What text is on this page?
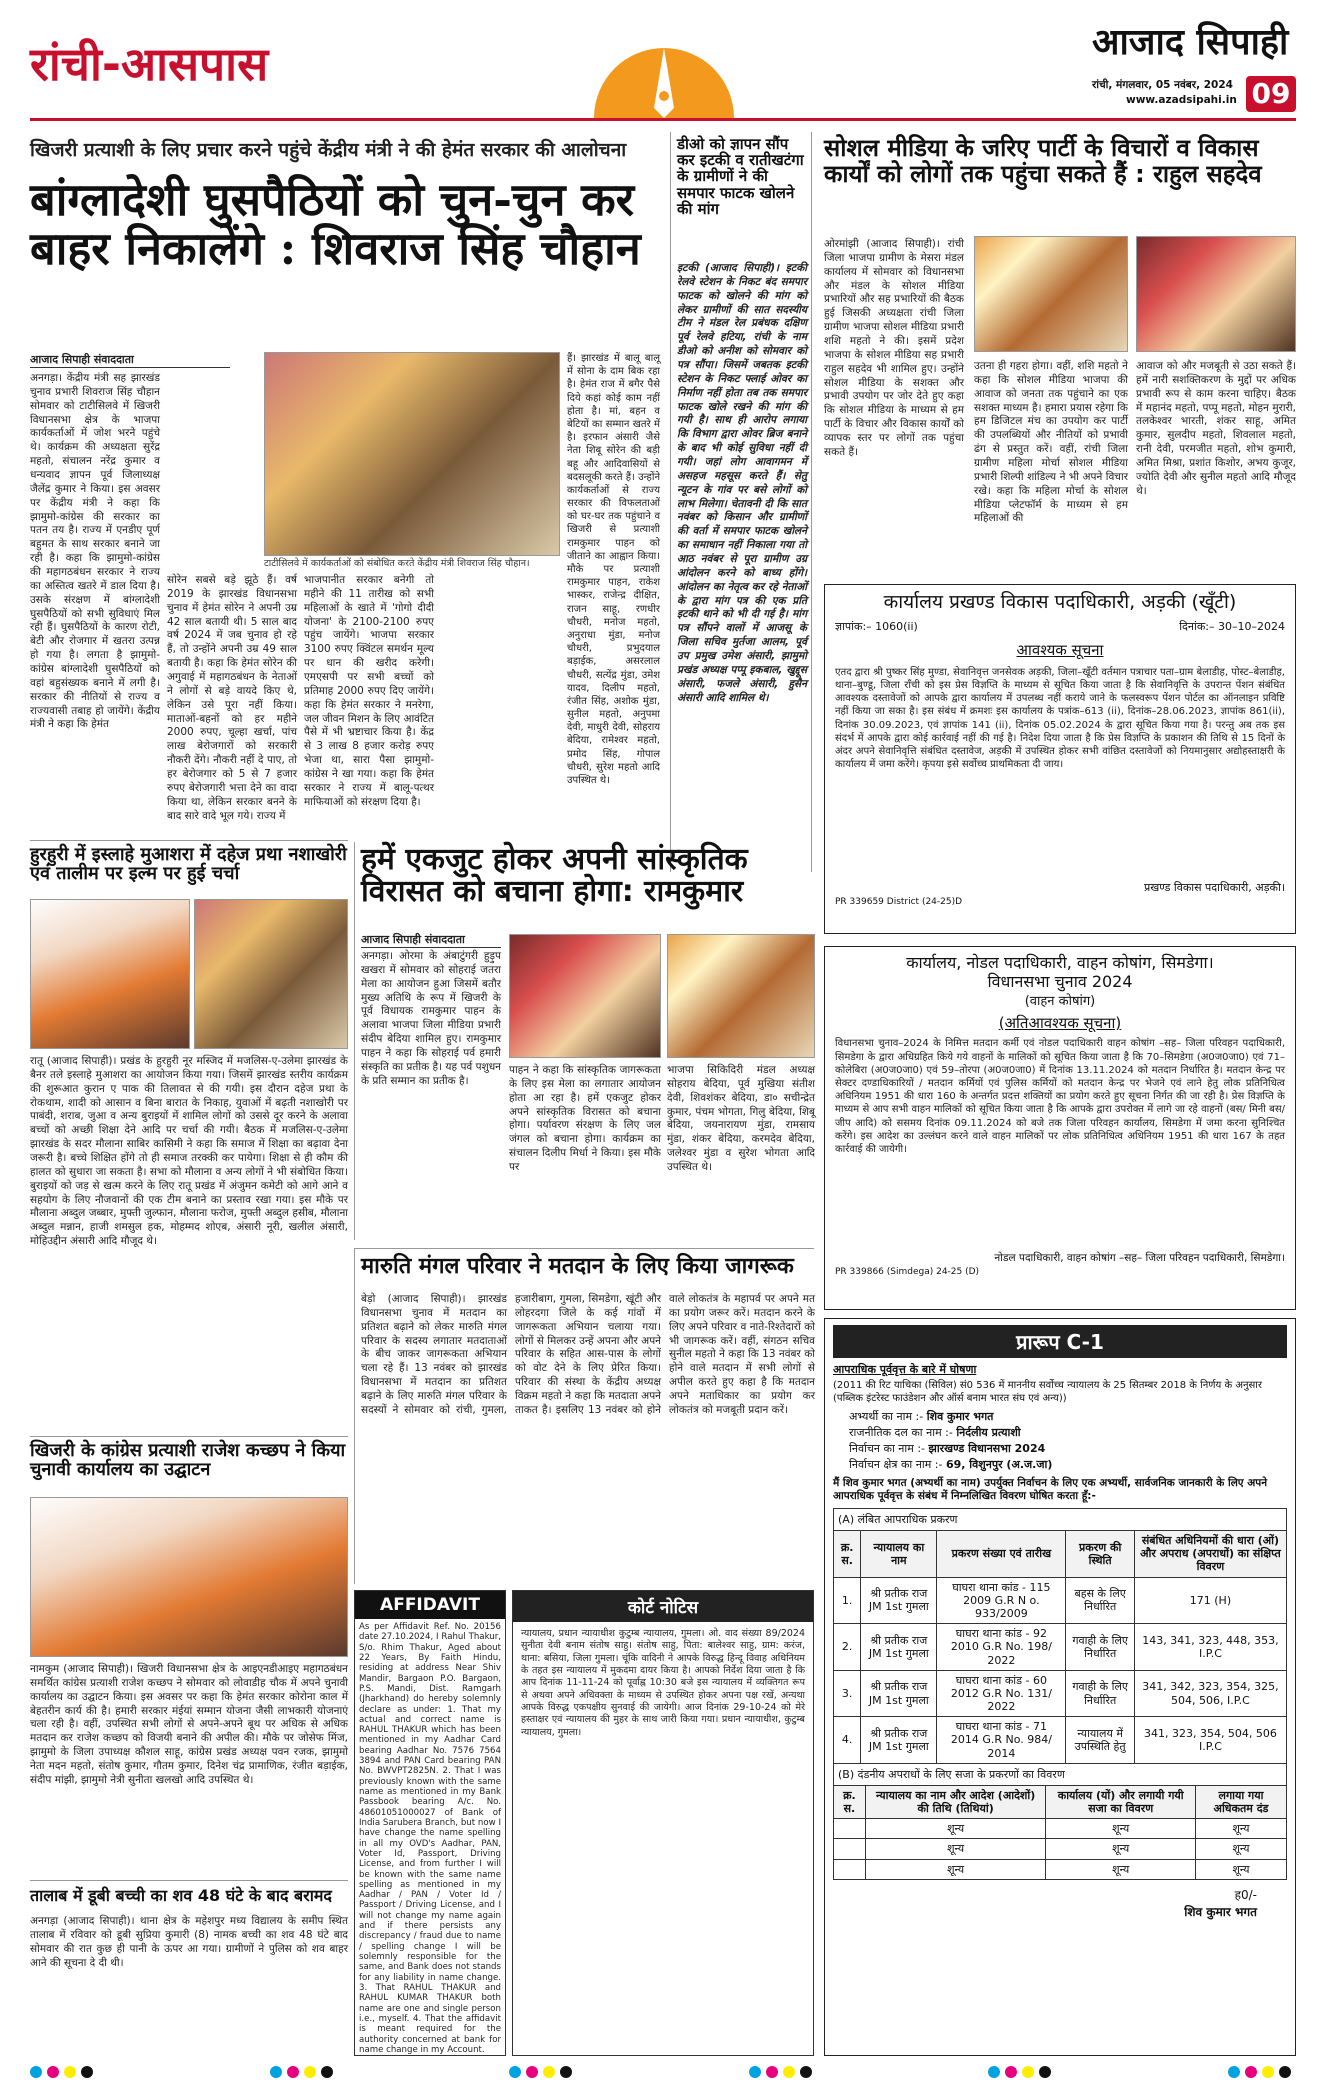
रांची-आसपास	आजाद सिपाही
रांची, मंगलवार, 05 नवंबर, 2024
www.azadsipahi.in 09
खिजरी प्रत्याशी के लिए प्रचार करने पहुंचे केंद्रीय मंत्री ने की हेमंत सरकार की आलोचना
बांग्लादेशी घुसपैठियों को चुन-चुन कर बाहर निकालेंगे : शिवराज सिंह चौहान
आजाद सिपाही संवाददाता
टाटीसिलवे में कार्यकर्ताओं को संबोधित करते केंद्रीय मंत्री शिवराज सिंह चौहान।
अनगड़ा। केंद्रीय मंत्री सह झारखंड चुनाव प्रभारी शिवराज सिंह चौहान सोमवार को टाटीसिलवे में खिजरी विधानसभा क्षेत्र के भाजपा कार्यकर्ताओं में जोश भरने पहुंचे थे। कार्यक्रम की अध्यक्षता सुरेंद्र महतो, संचालन नरेंद्र कुमार व धन्यवाद ज्ञापन पूर्व जिलाध्यक्ष जैलेंद्र कुमार ने किया। इस अवसर पर केंद्रीय मंत्री ने कहा कि झामुमो-कांग्रेस की सरकार का पतन तय है। राज्य में एनडीए पूर्ण बहुमत के साथ सरकार बनाने जा रही है। कहा कि झामुमो-कांग्रेस की महागठबंधन सरकार ने राज्य का अस्तित्व खतरे में डाल दिया है। उसके संरक्षण में बांग्लादेशी घुसपैठियों को सभी सुविधाएं मिल रही हैं। घुसपैठियों के कारण रोटी, बेटी और रोजगार में खतरा उत्पन्न हो गया है। लगता है झामुमो-कांग्रेस बांग्लादेशी घुसपैठियों को वहां बहुसंख्यक बनाने में लगी है। सरकार की नीतियों से राज्य व राज्यवासी तबाह हो जायेंगे। केंद्रीय मंत्री ने कहा कि हेमंत
सोरेन सबसे बड़े झूठे हैं। वर्ष 2019 के झारखंड विधानसभा चुनाव में हेमंत सोरेन ने अपनी उम्र 42 साल बतायी थी। 5 साल बाद वर्ष 2024 में जब चुनाव हो रहे हैं, तो उन्होंने अपनी उम्र 49 साल बतायी है। कहा कि हेमंत सोरेन की अगुवाई में महागठबंधन के नेताओं ने लोगों से बड़े वायदे किए थे, लेकिन उसे पूरा नहीं किया। माताओं-बहनों को हर महीने 2000 रुपए, चूल्हा खर्चा, पांच लाख बेरोजगारों को सरकारी नौकरी देंगे। नौकरी नहीं दे पाए, तो हर बेरोजगार को 5 से 7 हजार रुपए बेरोजगारी भत्ता देने का वादा किया था, लेकिन सरकार बनने के बाद सारे वादे भूल गये। राज्य में
भाजपानीत सरकार बनेगी तो महीने की 11 तारीख को सभी महिलाओं के खाते में 'गोगो दीदी योजना' के 2100-2100 रुपए पहुंच जायेंगे। भाजपा सरकार 3100 रुपए क्विंटल समर्थन मूल्य पर धान की खरीद करेगी। एमएसपी पर सभी बच्चों को प्रतिमाह 2000 रुपए दिए जायेंगे। कहा कि हेमंत सरकार ने मनरेगा, जल जीवन मिशन के लिए आवंटित पैसे में भी भ्रष्टाचार किया है। केंद्र से 3 लाख 8 हजार करोड़ रुपए भेजा था, सारा पैसा झामुमो-कांग्रेस ने खा गया। कहा कि हेमंत सरकार ने राज्य में बालू-पत्थर माफियाओं को संरक्षण दिया है।
हैं। झारखंड में बालू बालू में सोना के दाम बिक रहा है। हेमंत राज में बगैर पैसे दिये कहां कोई काम नहीं होता है। मां, बहन व बेटियों का सम्मान खतरे में है। इरफान अंसारी जैसे नेता शिबू सोरेन की बड़ी बहू और आदिवासियों से बदसलूकी करते हैं। उन्होंने कार्यकर्ताओं से राज्य सरकार की विफलताओं को घर-घर तक पहुंचाने व खिजरी से प्रत्याशी रामकुमार पाहन को जीताने का आह्वान किया। मौके पर प्रत्याशी रामकुमार पाहन, राकेश भास्कर, राजेन्द्र दीक्षित, राजन साहू, रणधीर चौधरी, मनोज महतो, अनुराधा मुंडा, मनोज चौधरी, प्रभुदयाल बड़ाईक, असरलाल चौधरी, सत्येंद्र मुंडा, उमेश यादव, दिलीप महतो, रंजीत सिंह, अशोक मुंडा, सुनील महतो, अनुपमा देवी, माधुरी देवी, सोहराय बेदिया, रामेश्वर महतो, प्रमोद सिंह, गोपाल चौधरी, सुरेश महतो आदि उपस्थित थे।
डीओ को ज्ञापन सौंप कर इटकी व रातीखटंगा के ग्रामीणों ने की समपार फाटक खोलने की मांग
इटकी (आजाद सिपाही)। इटकी रेलवे स्टेशन के निकट बंद समपार फाटक को खोलने की मांग को लेकर ग्रामीणों की सात सदस्यीय टीम ने मंडल रेल प्रबंधक दक्षिण पूर्व रेलवे हटिया, रांची के नाम डीओ को अनीश को सोमवार को पत्र सौंपा। जिसमें जबतक इटकी स्टेशन के निकट फ्लाई ओवर का निर्माण नहीं होता तब तक समपार फाटक खोले रखने की मांग की गयी है। साथ ही आरोप लगाया कि विभाग द्वारा ओवर ब्रिज बनाने के बाद भी कोई सुविधा नहीं दी गयी। जहां लोग आवागमन में असहज महसूस करते हैं। सेतु न्यूटन के गांव पर बसे लोगों को लाभ मिलेगा। चेतावनी दी कि सात नवंबर को किसान और ग्रामीणों की वर्ता में समपार फाटक खोलने का समाधान नहीं निकाला गया तो आठ नवंबर से पूरा ग्रामीण उग्र आंदोलन करने को बाध्य होंगे। आंदोलन का नेतृत्व कर रहे नेताओं के द्वारा मांग पत्र की एक प्रति इटकी थाने को भी दी गई है। मांग पत्र सौंपने वालों में आजसू के जिला सचिव मुर्तजा आलम, पूर्व उप प्रमुख उमेश अंसारी, झामुमो प्रखंड अध्यक्ष पप्पू इकबाल, खुद्दूस अंसारी, फजले अंसारी, हुसैन अंसारी आदि शामिल थे।
सोशल मीडिया के जरिए पार्टी के विचारों व विकास कार्यों को लोगों तक पहुंचा सकते हैं : राहुल सहदेव
ओरमांझी (आजाद सिपाही)। रांची जिला भाजपा ग्रामीण के मेसरा मंडल कार्यालय में सोमवार को विधानसभा और मंडल के सोशल मीडिया प्रभारियों और सह प्रभारियों की बैठक हुई जिसकी अध्यक्षता रांची जिला ग्रामीण भाजपा सोशल मीडिया प्रभारी शशि महतो ने की। इसमें प्रदेश भाजपा के सोशल मीडिया सह प्रभारी राहुल सहदेव भी शामिल हुए। उन्होंने सोशल मीडिया के सशक्त और प्रभावी उपयोग पर जोर देते हुए कहा कि सोशल मीडिया के माध्यम से हम पार्टी के विचार और विकास कार्यों को व्यापक स्तर पर लोगों तक पहुंचा सकते हैं।
उतना ही गहरा होगा। वहीं, शशि महतो ने कहा कि सोशल मीडिया भाजपा की आवाज को जनता तक पहुंचाने का एक सशक्त माध्यम है। हमारा प्रयास रहेगा कि हम डिजिटल मंच का उपयोग कर पार्टी की उपलब्धियों और नीतियों को प्रभावी ढंग से प्रस्तुत करें। वहीं, रांची जिला ग्रामीण महिला मोर्चा सोशल मीडिया प्रभारी शिल्पी शांडिल्य ने भी अपने विचार रखे। कहा कि महिला मोर्चा के सोशल मीडिया प्लेटफॉर्म के माध्यम से हम महिलाओं की
आवाज को और मजबूती से उठा सकते हैं। हमें नारी सशक्तिकरण के मुद्दों पर अधिक प्रभावी रूप से काम करना चाहिए। बैठक में महानंद महतो, पप्पू महतो, मोहन मुरारी, तलकेश्वर भारती, शंकर साहू, अमित कुमार, सुलदीप महतो, शिवलाल महतो, रानी देवी, परमजीत महतो, शोभ कुमारी, अमित मिश्रा, प्रशांत किशोर, अभय कुजूर, ज्योति देवी और सुनील महतो आदि मौजूद थे।
कार्यालय प्रखण्ड विकास पदाधिकारी, अड़की (खूँटी)
ज्ञापांक:– 1060(ii)	दिनांक:– 30–10–2024
आवश्यक सूचना
एतद द्वारा श्री पुष्कर सिंह मुण्डा, सेवानिवृत्त जनसेवक अड़की, जिला–खूँटी वर्तमान पत्राचार पता–ग्राम बेलाडीह, पोस्ट–बेलाडीह, थाना–बुण्डू, जिला राँची को इस प्रेस विज्ञप्ति के माध्यम से सूचित किया जाता है कि सेवानिवृत्ति के उपरान्त पेंशन संबंधित आवश्यक दस्तावेजों को आपके द्वारा कार्यालय में उपलब्ध नहीं कराये जाने के फलस्वरूप पेंशन पोर्टल का ऑनलाइन प्रविष्टि नहीं किया जा सका है। इस संबंध में क्रमशः इस कार्यालय के पत्रांक–613 (ii), दिनांक–28.06.2023, ज्ञापांक 861(ii), दिनांक 30.09.2023, एवं ज्ञापांक 141 (ii), दिनांक 05.02.2024 के द्वारा सूचित किया गया है। परन्तु अब तक इस संदर्भ में आपके द्वारा कोई कार्रवाई नहीं की गई है। निदेश दिया जाता है कि प्रेस विज्ञप्ति के प्रकाशन की तिथि से 15 दिनों के अंदर अपने सेवानिवृत्ति संबंधित दस्तावेज, अड़की में उपस्थित होकर सभी वांछित दस्तावेजों को नियमानुसार अद्योहस्ताक्षरी के कार्यालय में जमा करेंगे। कृपया इसे सर्वोच्च प्राथमिकता दी जाय।
प्रखण्ड विकास पदाधिकारी, अड़की।
PR 339659 District (24-25)D
हुरहुरी में इस्लाहे मुआशरा में दहेज प्रथा नशाखोरी एवं तालीम पर इल्म पर हुई चर्चा
रातू (आजाद सिपाही)। प्रखंड के हुरहुरी नूर मस्जिद में मजलिस-ए-उलेमा झारखंड के बैनर तले इस्लाहे मुआशरा का आयोजन किया गया। जिसमें झारखंड स्तरीय कार्यक्रम की शुरूआत कुरान ए पाक की तिलावत से की गयी। इस दौरान दहेज प्रथा के रोकथाम, शादी को आसान व बिना बारात के निकाह, युवाओं में बढ़ती नशाखोरी पर पाबंदी, शराब, जुआ व अन्य बुराइयों में शामिल लोगों को उससे दूर करने के अलावा बच्चों को अच्छी शिक्षा देने आदि पर चर्चा की गयी। बैठक में मजलिस-ए-उलेमा झारखंड के सदर मौलाना साबिर कासिमी ने कहा कि समाज में शिक्षा का बढ़ावा देना जरूरी है। बच्चे शिक्षित होंगे तो ही समाज तरक्की कर पायेगा। शिक्षा से ही कौम की हालत को सुधारा जा सकता है। सभा को मौलाना व अन्य लोगों ने भी संबोधित किया। बुराइयों को जड़ से खत्म करने के लिए रातू प्रखंड में अंजुमन कमेटी को आगे आने व सहयोग के लिए नौजवानों की एक टीम बनाने का प्रस्ताव रखा गया। इस मौके पर मौलाना अब्दुल जब्बार, मुफ्ती जुल्फान, मौलाना फरोज, मुफ्ती अब्दुल हसीब, मौलाना अब्दुल मन्नान, हाजी शमसुल हक, मोहम्मद शोएब, अंसारी नूरी, खलील अंसारी, मोहिउद्दीन अंसारी आदि मौजूद थे।
हमें एकजुट होकर अपनी सांस्कृतिक विरासत को बचाना होगा: रामकुमार
आजाद सिपाही संवाददाता
अनगड़ा। ओरमा के अंबाटुंगरी हुड़ुप खखरा में सोमवार को सोहराई जतरा मेला का आयोजन हुआ जिसमें बतौर मुख्य अतिथि के रूप में खिजरी के पूर्व विधायक रामकुमार पाहन के अलावा भाजपा जिला मीडिया प्रभारी संदीप बेदिया शामिल हुए। रामकुमार पाहन ने कहा कि सोहराई पर्व हमारी संस्कृति का प्रतीक है। यह पर्व पशुधन के प्रति सम्मान का प्रतीक है।
पाहन ने कहा कि सांस्कृतिक जागरूकता के लिए इस मेला का लगातार आयोजन होता आ रहा है। हमें एकजुट होकर अपने सांस्कृतिक विरासत को बचाना होगा। पर्यावरण संरक्षण के लिए जल जंगल को बचाना होगा। कार्यक्रम का संचालन दिलीप मिर्धा ने किया। इस मौके पर
भाजपा सिकिदिरी मंडल अध्यक्ष सोहराय बेदिया, पूर्व मुखिया संतीश देवी, शिवशंकर बेदिया, डा० सचीन्द्रेत कुमार, पंचम भोगता, गिलु बेदिया, शिबू बेदिया, जयनारायण मुंडा, रामसाय मुंडा, शंकर बेदिया, करमदेव बेदिया, जलेश्वर मुंडा व सुरेश भोगता आदि उपस्थित थे।
कार्यालय, नोडल पदाधिकारी, वाहन कोषांग, सिमडेगा।
विधानसभा चुनाव 2024
(वाहन कोषांग)
(अतिआवश्यक सूचना)
विधानसभा चुनाव–2024 के निमित्त मतदान कर्मी एवं नोडल पदाधिकारी वाहन कोषांग –सह– जिला परिवहन पदाधिकारी, सिमडेगा के द्वारा अधिग्रहित किये गये वाहनों के मालिकों को सूचित किया जाता है कि 70–सिमडेगा (अ0ज0जा0) एवं 71–कोलेबिरा (अ0ज0जा0) एवं 59–तोरपा (अ0ज0जा0) में दिनांक 13.11.2024 को मतदान निर्धारित है। मतदान केन्द्र पर सेक्टर दण्डाधिकारियों / मतदान कर्मियों एवं पुलिस कर्मियों को मतदान केन्द्र पर भेजने एवं लाने हेतु लोक प्रतिनिधित्व अधिनियम 1951 की धारा 160 के अन्तर्गत प्रदत्त शक्तियों का प्रयोग करते हुए सूचना निर्गत की जा रही है। प्रेस विज्ञप्ति के माध्यम से आप सभी वाहन मालिकों को सूचित किया जाता है कि आपके द्वारा उपरोक्त में लागे जा रहे वाहनों (बस/ मिनी बस/ जीप आदि) को ससमय दिनांक 09.11.2024 को बजे तक जिला परिवहन कार्यालय, सिमडेगा में जमा करना सुनिश्चित करेंगे। इस आदेश का उल्लंघन करने वाले वाहन मालिकों पर लोक प्रतिनिधित्व अधिनियम 1951 की धारा 167 के तहत कार्रवाई की जायेगी।
नोडल पदाधिकारी, वाहन कोषांग –सह– जिला परिवहन पदाधिकारी, सिमडेगा।
PR 339866 (Simdega) 24-25 (D)
मारुति मंगल परिवार ने मतदान के लिए किया जागरूक
बेड़ो (आजाद सिपाही)। झारखंड विधानसभा चुनाव में मतदान का प्रतिशत बढ़ाने को लेकर मारुति मंगल परिवार के सदस्य लगातार मतदाताओं के बीच जाकर जागरूकता अभियान चला रहे हैं। 13 नवंबर को झारखंड विधानसभा में मतदान का प्रतिशत बढ़ाने के लिए मारुति मंगल परिवार के सदस्यों ने सोमवार को रांची, गुमला, हजारीबाग, गुमला, सिमडेगा, खूंटी और लोहरदगा जिले के कई गांवों में जागरूकता अभियान चलाया गया। लोगों से मिलकर उन्हें अपना और अपने परिवार के सहित आस-पास के लोगों को वोट देने के लिए प्रेरित किया। परिवार की संस्था के केंद्रीय अध्यक्ष विक्रम महतो ने कहा कि मतदाता अपने ताकत है। इसलिए 13 नवंबर को होने वाले लोकतंत्र के महापर्व पर अपने मत का प्रयोग जरूर करें। मतदान करने के लिए अपने परिवार व नाते-रिश्तेदारों को भी जागरूक करें। वहीं, संगठन सचिव सुनील महतो ने कहा कि 13 नवंबर को होने वाले मतदान में सभी लोगों से अपील करते हुए कहा है कि मतदान अपने मताधिकार का प्रयोग कर लोकतंत्र को मजबूती प्रदान करें।
खिजरी के कांग्रेस प्रत्याशी राजेश कच्छप ने किया चुनावी कार्यालय का उद्घाटन
नामकुम (आजाद सिपाही)। खिजरी विधानसभा क्षेत्र के आइएनडीआइए महागठबंधन समर्थित कांग्रेस प्रत्याशी राजेश कच्छप ने सोमवार को लोवाडीह चौक में अपने चुनावी कार्यालय का उद्घाटन किया। इस अवसर पर कहा कि हेमंत सरकार कोरोना काल में बेहतरीन कार्य की है। हमारी सरकार मंईयां सम्मान योजना जैसी लाभकारी योजनाएं चला रही है। वहीं, उपस्थित सभी लोगों से अपने-अपने बूथ पर अधिक से अधिक मतदान कर राजेश कच्छप को विजयी बनाने की अपील की। मौके पर जोसेफ मिंज, झामुमो के जिला उपाध्यक्ष कौशल साहू, कांग्रेस प्रखंड अध्यक्ष पवन रजक, झामुमो नेता मदन महतो, संतोष कुमार, गौतम कुमार, दिनेश चंद्र प्रामाणिक, रंजीत बड़ाईक, संदीप मांझी, झामुमो नेत्री सुनीता खलखो आदि उपस्थित थे।
तालाब में डूबी बच्ची का शव 48 घंटे के बाद बरामद
अनगड़ा (आजाद सिपाही)। थाना क्षेत्र के महेशपुर मध्य विद्यालय के समीप स्थित तालाब में रविवार को डूबी सुप्रिया कुमारी (8) नामक बच्ची का शव 48 घंटे बाद सोमवार की रात कुछ ही पानी के ऊपर आ गया। ग्रामीणों ने पुलिस को शव बाहर आने की सूचना दे दी थी।
AFFIDAVIT
As per Affidavit Ref. No. 20156 date 27.10.2024, I Rahul Thakur, S/o. Rhim Thakur, Aged about 22 Years, By Faith Hindu, residing at address Near Shiv Mandir, Bargaon P.O. Bargaon, P.S. Mandi, Dist. Ramgarh (Jharkhand) do hereby solemnly declare as under: 1. That my actual and correct name is RAHUL THAKUR which has been mentioned in my Aadhar Card bearing Aadhar No. 7576 7564 3894 and PAN Card bearing PAN No. BWVPT2825N. 2. That I was previously known with the same name as mentioned in my Bank Passbook bearing A/c. No. 48601051000027 of Bank of India Sarubera Branch, but now I have change the name spelling in all my OVD's Aadhar, PAN, Voter Id, Passport, Driving License, and from further I will be known with the same name spelling as mentioned in my Aadhar / PAN / Voter Id / Passport / Driving License, and I will not change my name again and if there persists any discrepancy / fraud due to name / spelling change I will be solemnly responsible for the same, and Bank does not stands for any liability in name change. 3. That RAHUL THAKUR and RAHUL KUMAR THAKUR both name are one and single person i.e., myself. 4. That the affidavit is meant required for the authority concerned at bank for name change in my Account.
कोर्ट नोटिस
न्यायालय, प्रधान न्यायाधीश कुटुम्ब न्यायालय, गुमला। ओ. वाद संख्या 89/2024 सुनीता देवी बनाम संतोष साहु। संतोष साहु, पिता: बालेश्वर साहु, ग्राम: करंज, थाना: बसिया, जिला गुमला। चूंकि वादिनी ने आपके विरुद्ध हिन्दू विवाह अधिनियम के तहत इस न्यायालय में मुकदमा दायर किया है। आपको निर्देश दिया जाता है कि आप दिनांक 11-11-24 को पूर्वाह्न 10:30 बजे इस न्यायालय में व्यक्तिगत रूप से अथवा अपने अधिवक्ता के माध्यम से उपस्थित होकर अपना पक्ष रखें, अन्यथा आपके विरुद्ध एकपक्षीय सुनवाई की जायेगी। आज दिनांक 29-10-24 को मेरे हस्ताक्षर एवं न्यायालय की मुहर के साथ जारी किया गया। प्रधान न्यायाधीश, कुटुम्ब न्यायालय, गुमला।
प्रारूप C-1
आपराधिक पूर्ववृत्त के बारे में घोषणा
(2011 की रिट याचिका (सिविल) सं0 536 में माननीय सर्वोच्च न्यायालय के 25 सितम्बर 2018 के निर्णय के अनुसार (पब्लिक इंटरेस्ट फाउंडेशन और ऑर्स बनाम भारत संघ एवं अन्य))
अभ्यर्थी का नाम :- शिव कुमार भगत
राजनीतिक दल का नाम :- निर्दलीय प्रत्याशी
निर्वाचन का नाम :- झारखण्ड विधानसभा 2024
निर्वाचन क्षेत्र का नाम :- 69, विशुनपुर (अ.ज.जा)
मैं शिव कुमार भगत (अभ्यर्थी का नाम) उपर्युक्त निर्वाचन के लिए एक अभ्यर्थी, सार्वजनिक जानकारी के लिए अपने आपराधिक पूर्ववृत्त के संबंध में निम्नलिखित विवरण घोषित करता हूँ:-
(A) लंबित आपराधिक प्रकरण
क्र. स.	न्यायालय का नाम	प्रकरण संख्या एवं तारीख	प्रकरण की स्थिति	संबंधित अधिनियमों की धारा (ओं) और अपराध (अपराधों) का संक्षिप्त विवरण
1.	श्री प्रतीक राज JM 1st गुमला	घाघरा थाना कांड - 115 2009 G.R N o. 933/2009	बहस के लिए निर्धारित	171 (H)
2.	श्री प्रतीक राज JM 1st गुमला	घाघरा थाना कांड - 92 2010 G.R No. 198/ 2022	गवाही के लिए निर्धारित	143, 341, 323, 448, 353, I.P.C
3.	श्री प्रतीक राज JM 1st गुमला	घाघरा थाना कांड - 60 2012 G.R No. 131/ 2022	गवाही के लिए निर्धारित	341, 342, 323, 354, 325, 504, 506, I.P.C
4.	श्री प्रतीक राज JM 1st गुमला	घाघरा थाना कांड - 71 2014 G.R No. 984/ 2014	न्यायालय में उपस्थिति हेतु	341, 323, 354, 504, 506 I.P.C
(B) दंडनीय अपराधों के लिए सजा के प्रकरणों का विवरण
क्र. स.	न्यायालय का नाम और आदेश (आदेशों) की तिथि (तिथियां)	कार्यालय (यों) और लगायी गयी सजा का विवरण	लगाया गया अधिकतम दंड
	शून्य	शून्य	शून्य
	शून्य	शून्य	शून्य
	शून्य	शून्य	शून्य
ह0/-
शिव कुमार भगत
